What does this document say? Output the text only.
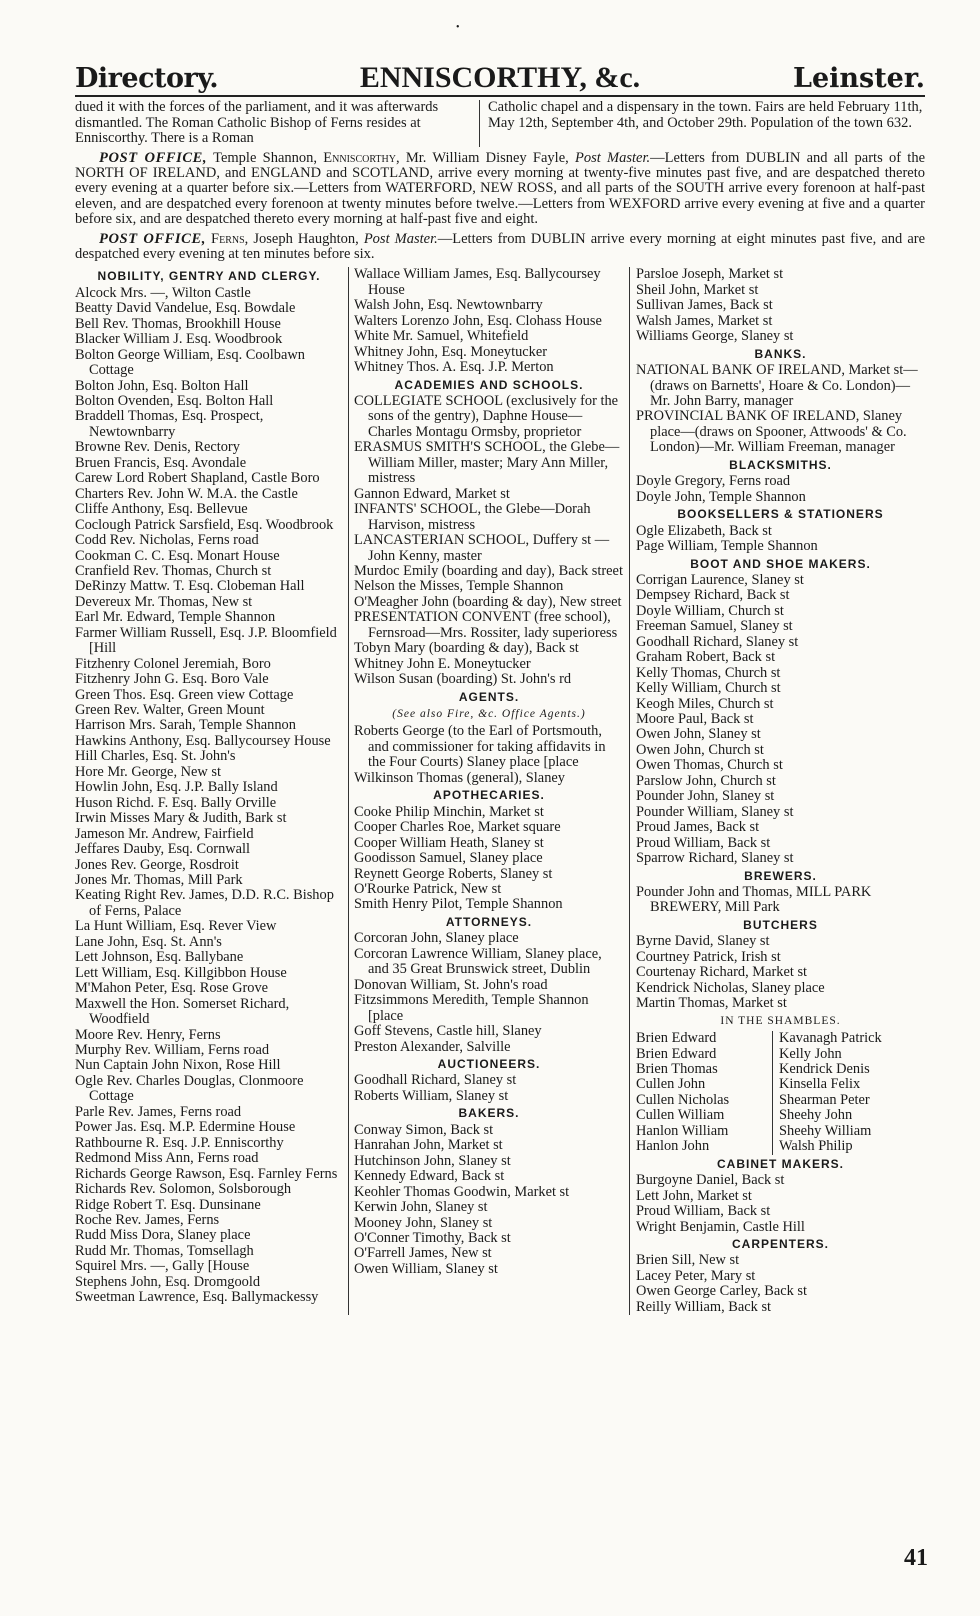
•
Directory.	ENNISCORTHY, &c.	Leinster.
dued it with the forces of the parliament, and it was afterwards dismantled. The Roman Catholic Bishop of Ferns resides at Enniscorthy. There is a Roman
Catholic chapel and a dispensary in the town. Fairs are held February 11th, May 12th, September 4th, and October 29th. Population of the town 632.
POST OFFICE, Temple Shannon, Enniscorthy, Mr. William Disney Fayle, Post Master.—Letters from DUBLIN and all parts of the NORTH OF IRELAND, and ENGLAND and SCOTLAND, arrive every morning at twenty-five minutes past five, and are despatched thereto every evening at a quarter before six.—Letters from WATERFORD, NEW ROSS, and all parts of the SOUTH arrive every forenoon at half-past eleven, and are despatched every forenoon at twenty minutes before twelve.—Letters from WEXFORD arrive every evening at five and a quarter before six, and are despatched thereto every morning at half-past five and eight.
POST OFFICE, Ferns, Joseph Haughton, Post Master.—Letters from DUBLIN arrive every morning at eight minutes past five, and are despatched every evening at ten minutes before six.
NOBILITY, GENTRY AND CLERGY.
Alcock Mrs. —, Wilton Castle
Beatty David Vandelue, Esq. Bowdale
Bell Rev. Thomas, Brookhill House
Blacker William J. Esq. Woodbrook
Bolton George William, Esq. Coolbawn Cottage
Bolton John, Esq. Bolton Hall
Bolton Ovenden, Esq. Bolton Hall
Braddell Thomas, Esq. Prospect, Newtownbarry
Browne Rev. Denis, Rectory
Bruen Francis, Esq. Avondale
Carew Lord Robert Shapland, Castle Boro
Charters Rev. John W. M.A. the Castle
Cliffe Anthony, Esq. Bellevue
Coclough Patrick Sarsfield, Esq. Woodbrook
Codd Rev. Nicholas, Ferns road
Cookman C. C. Esq. Monart House
Cranfield Rev. Thomas, Church st
DeRinzy Mattw. T. Esq. Clobeman Hall
Devereux Mr. Thomas, New st
Earl Mr. Edward, Temple Shannon
Farmer William Russell, Esq. J.P. Bloomfield [Hill
Fitzhenry Colonel Jeremiah, Boro
Fitzhenry John G. Esq. Boro Vale
Green Thos. Esq. Green view Cottage
Green Rev. Walter, Green Mount
Harrison Mrs. Sarah, Temple Shannon
Hawkins Anthony, Esq. Ballycoursey House
Hill Charles, Esq. St. John's
Hore Mr. George, New st
Howlin John, Esq. J.P. Bally Island
Huson Richd. F. Esq. Bally Orville
Irwin Misses Mary & Judith, Bark st
Jameson Mr. Andrew, Fairfield
Jeffares Dauby, Esq. Cornwall
Jones Rev. George, Rosdroit
Jones Mr. Thomas, Mill Park
Keating Right Rev. James, D.D. R.C. Bishop of Ferns, Palace
La Hunt William, Esq. Rever View
Lane John, Esq. St. Ann's
Lett Johnson, Esq. Ballybane
Lett William, Esq. Killgibbon House
M'Mahon Peter, Esq. Rose Grove
Maxwell the Hon. Somerset Richard, Woodfield
Moore Rev. Henry, Ferns
Murphy Rev. William, Ferns road
Nun Captain John Nixon, Rose Hill
Ogle Rev. Charles Douglas, Clonmoore Cottage
Parle Rev. James, Ferns road
Power Jas. Esq. M.P. Edermine House
Rathbourne R. Esq. J.P. Enniscorthy
Redmond Miss Ann, Ferns road
Richards George Rawson, Esq. Farnley Ferns
Richards Rev. Solomon, Solsborough
Ridge Robert T. Esq. Dunsinane
Roche Rev. James, Ferns
Rudd Miss Dora, Slaney place
Rudd Mr. Thomas, Tomsellagh
Squirel Mrs. —, Gally [House
Stephens John, Esq. Dromgoold
Sweetman Lawrence, Esq. Ballymackessy
Wallace William James, Esq. Ballycoursey House
Walsh John, Esq. Newtownbarry
Walters Lorenzo John, Esq. Clohass House
White Mr. Samuel, Whitefield
Whitney John, Esq. Moneytucker
Whitney Thos. A. Esq. J.P. Merton
ACADEMIES AND SCHOOLS.
COLLEGIATE SCHOOL (exclusively for the sons of the gentry), Daphne House—Charles Montagu Ormsby, proprietor
ERASMUS SMITH'S SCHOOL, the Glebe—William Miller, master; Mary Ann Miller, mistress
Gannon Edward, Market st
INFANTS' SCHOOL, the Glebe—Dorah Harvison, mistress
LANCASTERIAN SCHOOL, Duffery st —John Kenny, master
Murdoc Emily (boarding and day), Back street
Nelson the Misses, Temple Shannon
O'Meagher John (boarding & day), New street
PRESENTATION CONVENT (free school), Fernsroad—Mrs. Rossiter, lady superioress
Tobyn Mary (boarding & day), Back st
Whitney John E. Moneytucker
Wilson Susan (boarding) St. John's rd
AGENTS.
(See also Fire, &c. Office Agents.)
Roberts George (to the Earl of Portsmouth, and commissioner for taking affidavits in the Four Courts) Slaney place [place
Wilkinson Thomas (general), Slaney
APOTHECARIES.
Cooke Philip Minchin, Market st
Cooper Charles Roe, Market square
Cooper William Heath, Slaney st
Goodisson Samuel, Slaney place
Reynett George Roberts, Slaney st
O'Rourke Patrick, New st
Smith Henry Pilot, Temple Shannon
ATTORNEYS.
Corcoran John, Slaney place
Corcoran Lawrence William, Slaney place, and 35 Great Brunswick street, Dublin
Donovan William, St. John's road
Fitzsimmons Meredith, Temple Shannon [place
Goff Stevens, Castle hill, Slaney
Preston Alexander, Salville
AUCTIONEERS.
Goodhall Richard, Slaney st
Roberts William, Slaney st
BAKERS.
Conway Simon, Back st
Hanrahan John, Market st
Hutchinson John, Slaney st
Kennedy Edward, Back st
Keohler Thomas Goodwin, Market st
Kerwin John, Slaney st
Mooney John, Slaney st
O'Conner Timothy, Back st
O'Farrell James, New st
Owen William, Slaney st
Parsloe Joseph, Market st
Sheil John, Market st
Sullivan James, Back st
Walsh James, Market st
Williams George, Slaney st
BANKS.
NATIONAL BANK OF IRELAND, Market st—(draws on Barnetts', Hoare & Co. London)—Mr. John Barry, manager
PROVINCIAL BANK OF IRELAND, Slaney place—(draws on Spooner, Attwoods' & Co. London)—Mr. William Freeman, manager
BLACKSMITHS.
Doyle Gregory, Ferns road
Doyle John, Temple Shannon
BOOKSELLERS & STATIONERS
Ogle Elizabeth, Back st
Page William, Temple Shannon
BOOT AND SHOE MAKERS.
Corrigan Laurence, Slaney st
Dempsey Richard, Back st
Doyle William, Church st
Freeman Samuel, Slaney st
Goodhall Richard, Slaney st
Graham Robert, Back st
Kelly Thomas, Church st
Kelly William, Church st
Keogh Miles, Church st
Moore Paul, Back st
Owen John, Slaney st
Owen John, Church st
Owen Thomas, Church st
Parslow John, Church st
Pounder John, Slaney st
Pounder William, Slaney st
Proud James, Back st
Proud William, Back st
Sparrow Richard, Slaney st
BREWERS.
Pounder John and Thomas, MILL PARK BREWERY, Mill Park
BUTCHERS
Byrne David, Slaney st
Courtney Patrick, Irish st
Courtenay Richard, Market st
Kendrick Nicholas, Slaney place
Martin Thomas, Market st
IN THE SHAMBLES.
Brien Edward
Brien Edward
Brien Thomas
Cullen John
Cullen Nicholas
Cullen William
Hanlon William
Hanlon John
Kavanagh Patrick
Kelly John
Kendrick Denis
Kinsella Felix
Shearman Peter
Sheehy John
Sheehy William
Walsh Philip
CABINET MAKERS.
Burgoyne Daniel, Back st
Lett John, Market st
Proud William, Back st
Wright Benjamin, Castle Hill
CARPENTERS.
Brien Sill, New st
Lacey Peter, Mary st
Owen George Carley, Back st
Reilly William, Back st
41
